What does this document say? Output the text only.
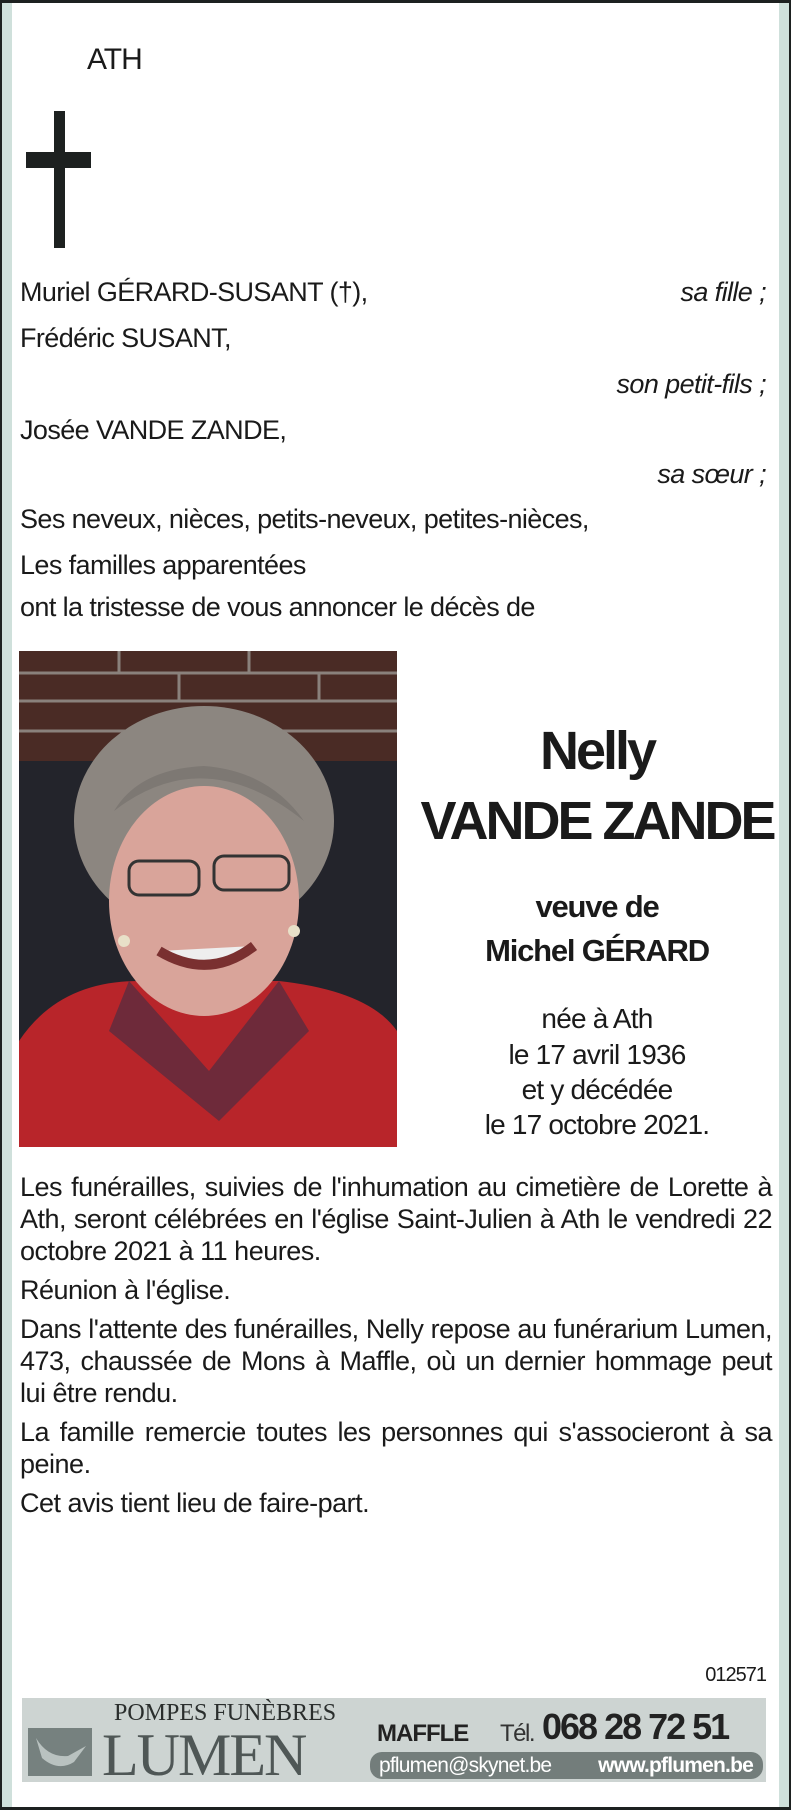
ATH
Muriel GÉRARD-SUSANT (†),	sa fille ;
Frédéric SUSANT,
son petit-fils ;
Josée VANDE ZANDE,
sa sœur ;
Ses neveux, nièces, petits-neveux, petites-nièces,
Les familles apparentées
ont la tristesse de vous annoncer le décès de
Nelly
VANDE ZANDE
veuve de
Michel GÉRARD
née à Ath
le 17 avril 1936
et y décédée
le 17 octobre 2021.

Les funérailles, suivies de l'inhumation au cimetière de Lorette à Ath, seront célébrées en l'église Saint-Julien à Ath le vendredi 22 octobre 2021 à 11 heures.

Réunion à l'église.

Dans l'attente des funérailles, Nelly repose au funérarium Lumen, 473, chaussée de Mons à Maffle, où un dernier hommage peut lui être rendu.

La famille remercie toutes les personnes qui s'associeront à sa peine.

Cet avis tient lieu de faire-part.

012571
POMPES FUNÈBRES
LUMEN	MAFFLE Tél. 068 28 72 51
pflumen@skynet.be www.pflumen.be
